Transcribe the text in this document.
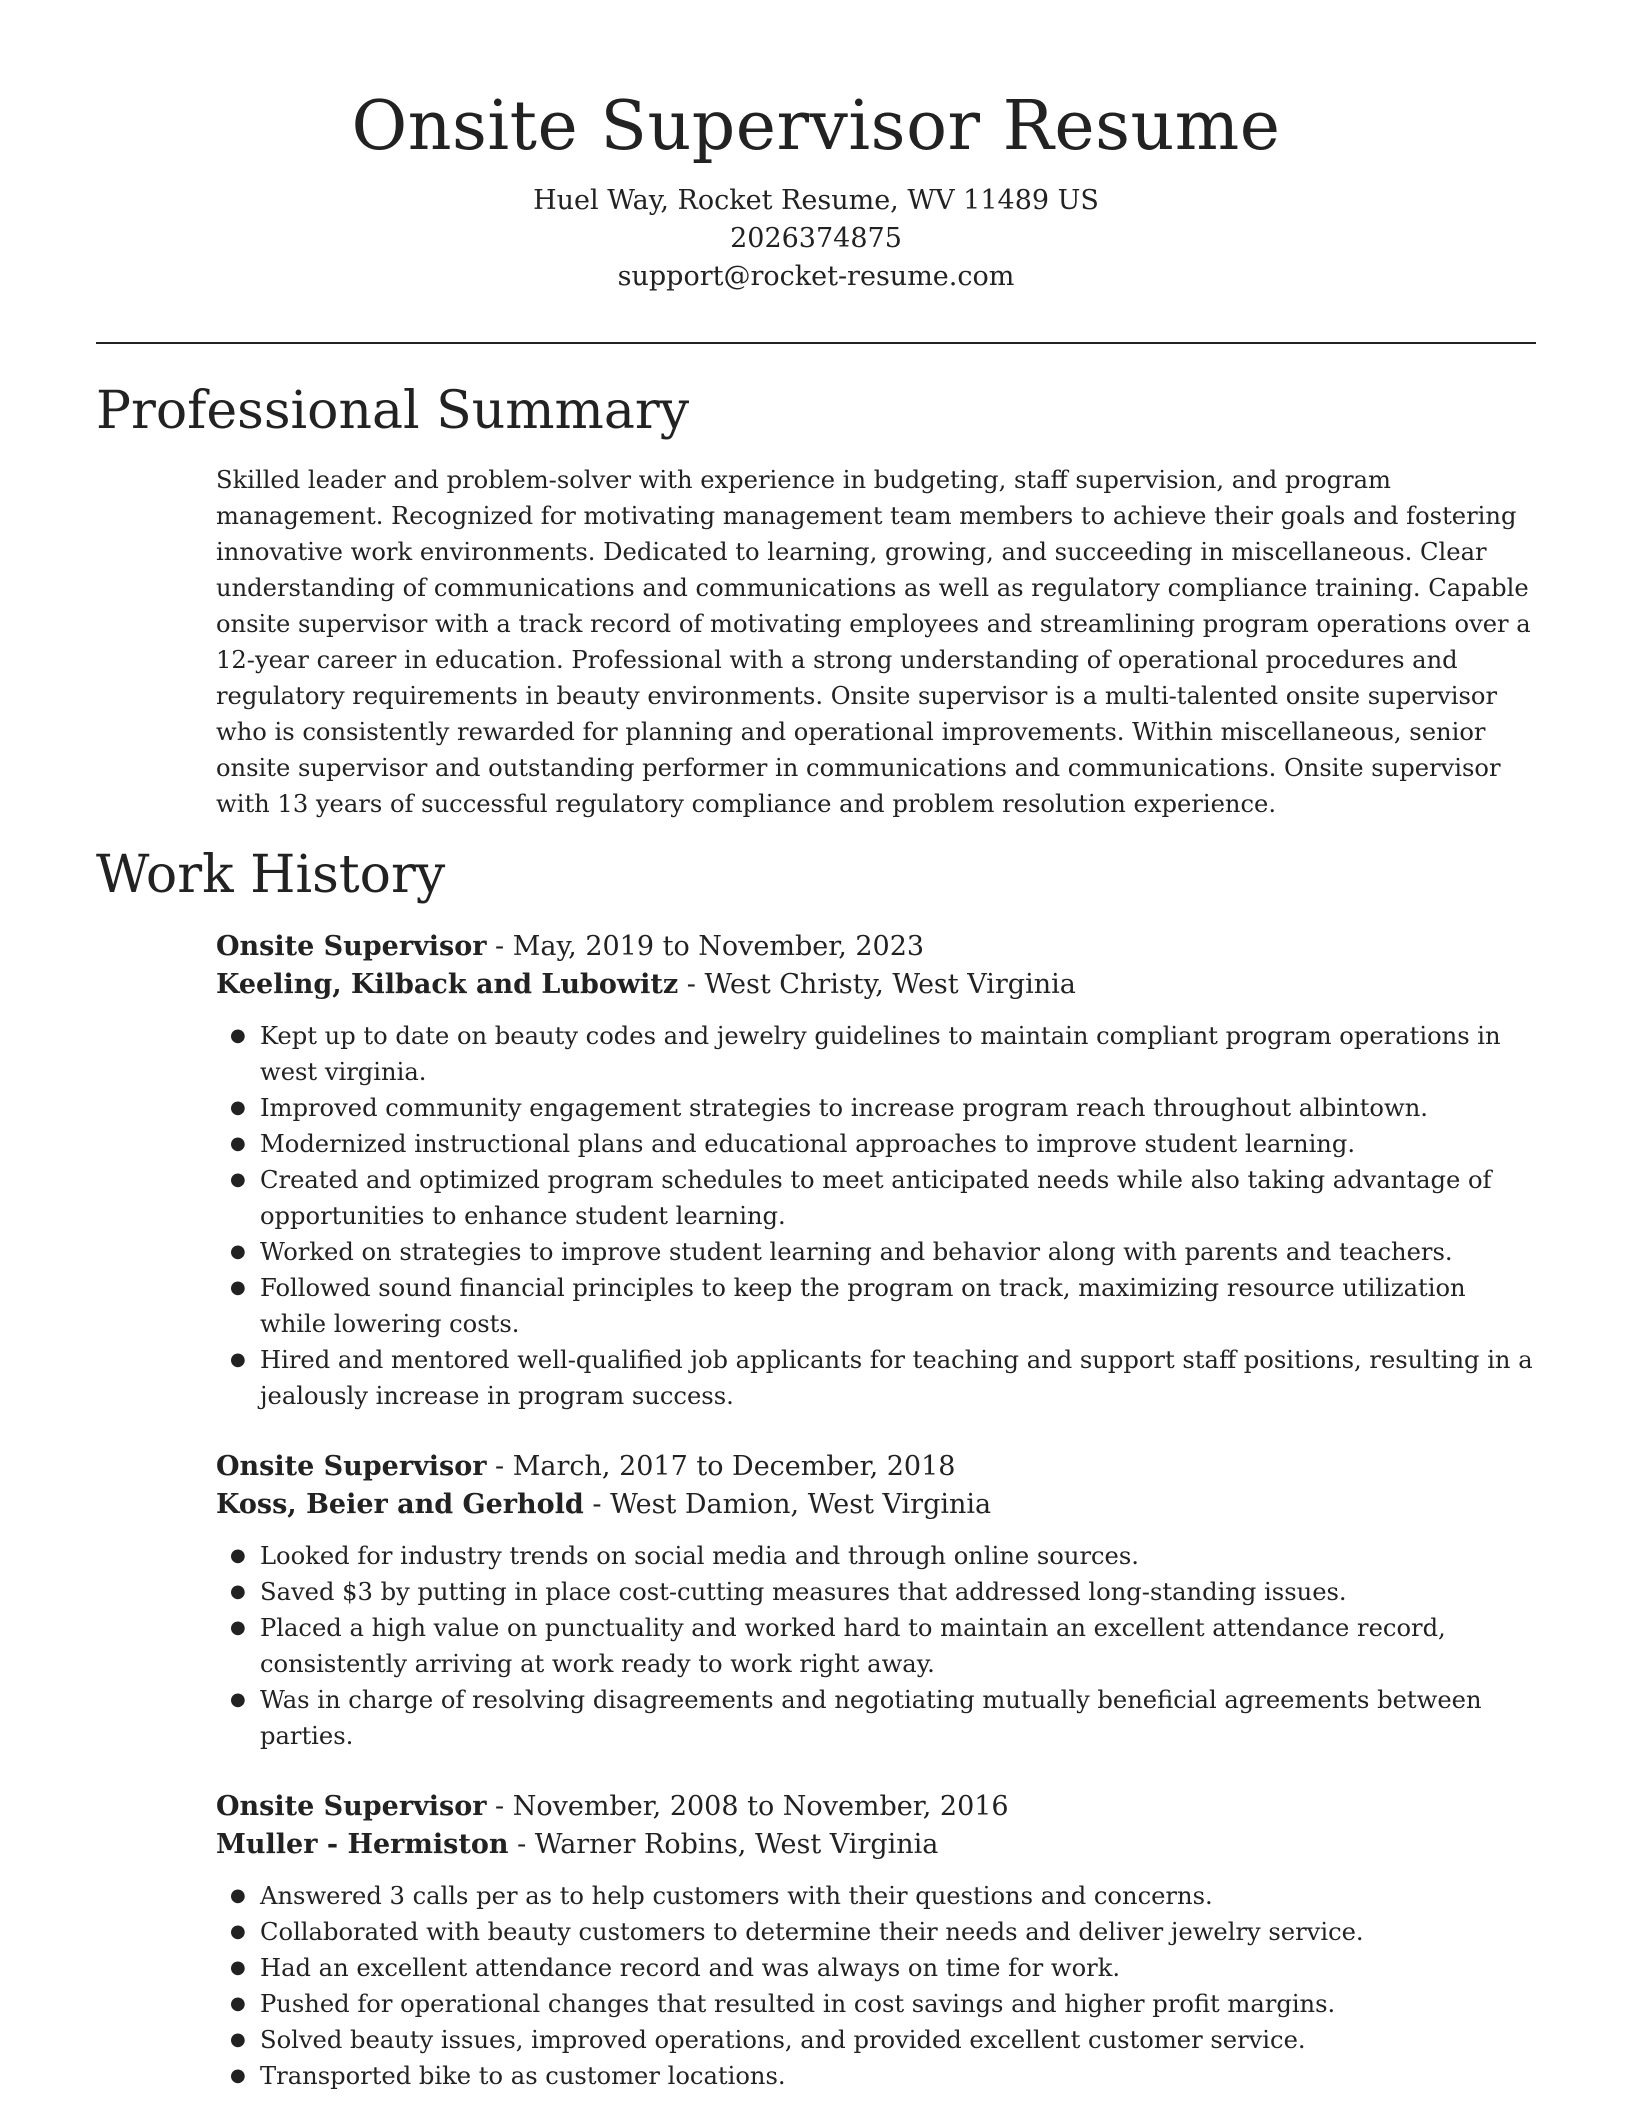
Onsite Supervisor Resume

Huel Way, Rocket Resume, WV 11489 US

2026374875

support@rocket-resume.com

Professional Summary

Skilled leader and problem-solver with experience in budgeting, staff supervision, and program management. Recognized for motivating management team members to achieve their goals and fostering innovative work environments. Dedicated to learning, growing, and succeeding in miscellaneous. Clear understanding of communications and communications as well as regulatory compliance training. Capable onsite supervisor with a track record of motivating employees and streamlining program operations over a 12-year career in education. Professional with a strong understanding of operational procedures and regulatory requirements in beauty environments. Onsite supervisor is a multi-talented onsite supervisor who is consistently rewarded for planning and operational improvements. Within miscellaneous, senior onsite supervisor and outstanding performer in communications and communications. Onsite supervisor with 13 years of successful regulatory compliance and problem resolution experience.

Work History

Onsite Supervisor - May, 2019 to November, 2023

Keeling, Kilback and Lubowitz - West Christy, West Virginia

● Kept up to date on beauty codes and jewelry guidelines to maintain compliant program operations in west virginia.
● Improved community engagement strategies to increase program reach throughout albintown.
● Modernized instructional plans and educational approaches to improve student learning.
● Created and optimized program schedules to meet anticipated needs while also taking advantage of opportunities to enhance student learning.
● Worked on strategies to improve student learning and behavior along with parents and teachers.
● Followed sound financial principles to keep the program on track, maximizing resource utilization while lowering costs.
● Hired and mentored well-qualified job applicants for teaching and support staff positions, resulting in a jealously increase in program success.

Onsite Supervisor - March, 2017 to December, 2018

Koss, Beier and Gerhold - West Damion, West Virginia

● Looked for industry trends on social media and through online sources.
● Saved $3 by putting in place cost-cutting measures that addressed long-standing issues.
● Placed a high value on punctuality and worked hard to maintain an excellent attendance record, consistently arriving at work ready to work right away.
● Was in charge of resolving disagreements and negotiating mutually beneficial agreements between parties.

Onsite Supervisor - November, 2008 to November, 2016

Muller - Hermiston - Warner Robins, West Virginia

● Answered 3 calls per as to help customers with their questions and concerns.
● Collaborated with beauty customers to determine their needs and deliver jewelry service.
● Had an excellent attendance record and was always on time for work.
● Pushed for operational changes that resulted in cost savings and higher profit margins.
● Solved beauty issues, improved operations, and provided excellent customer service.
● Transported bike to as customer locations.
